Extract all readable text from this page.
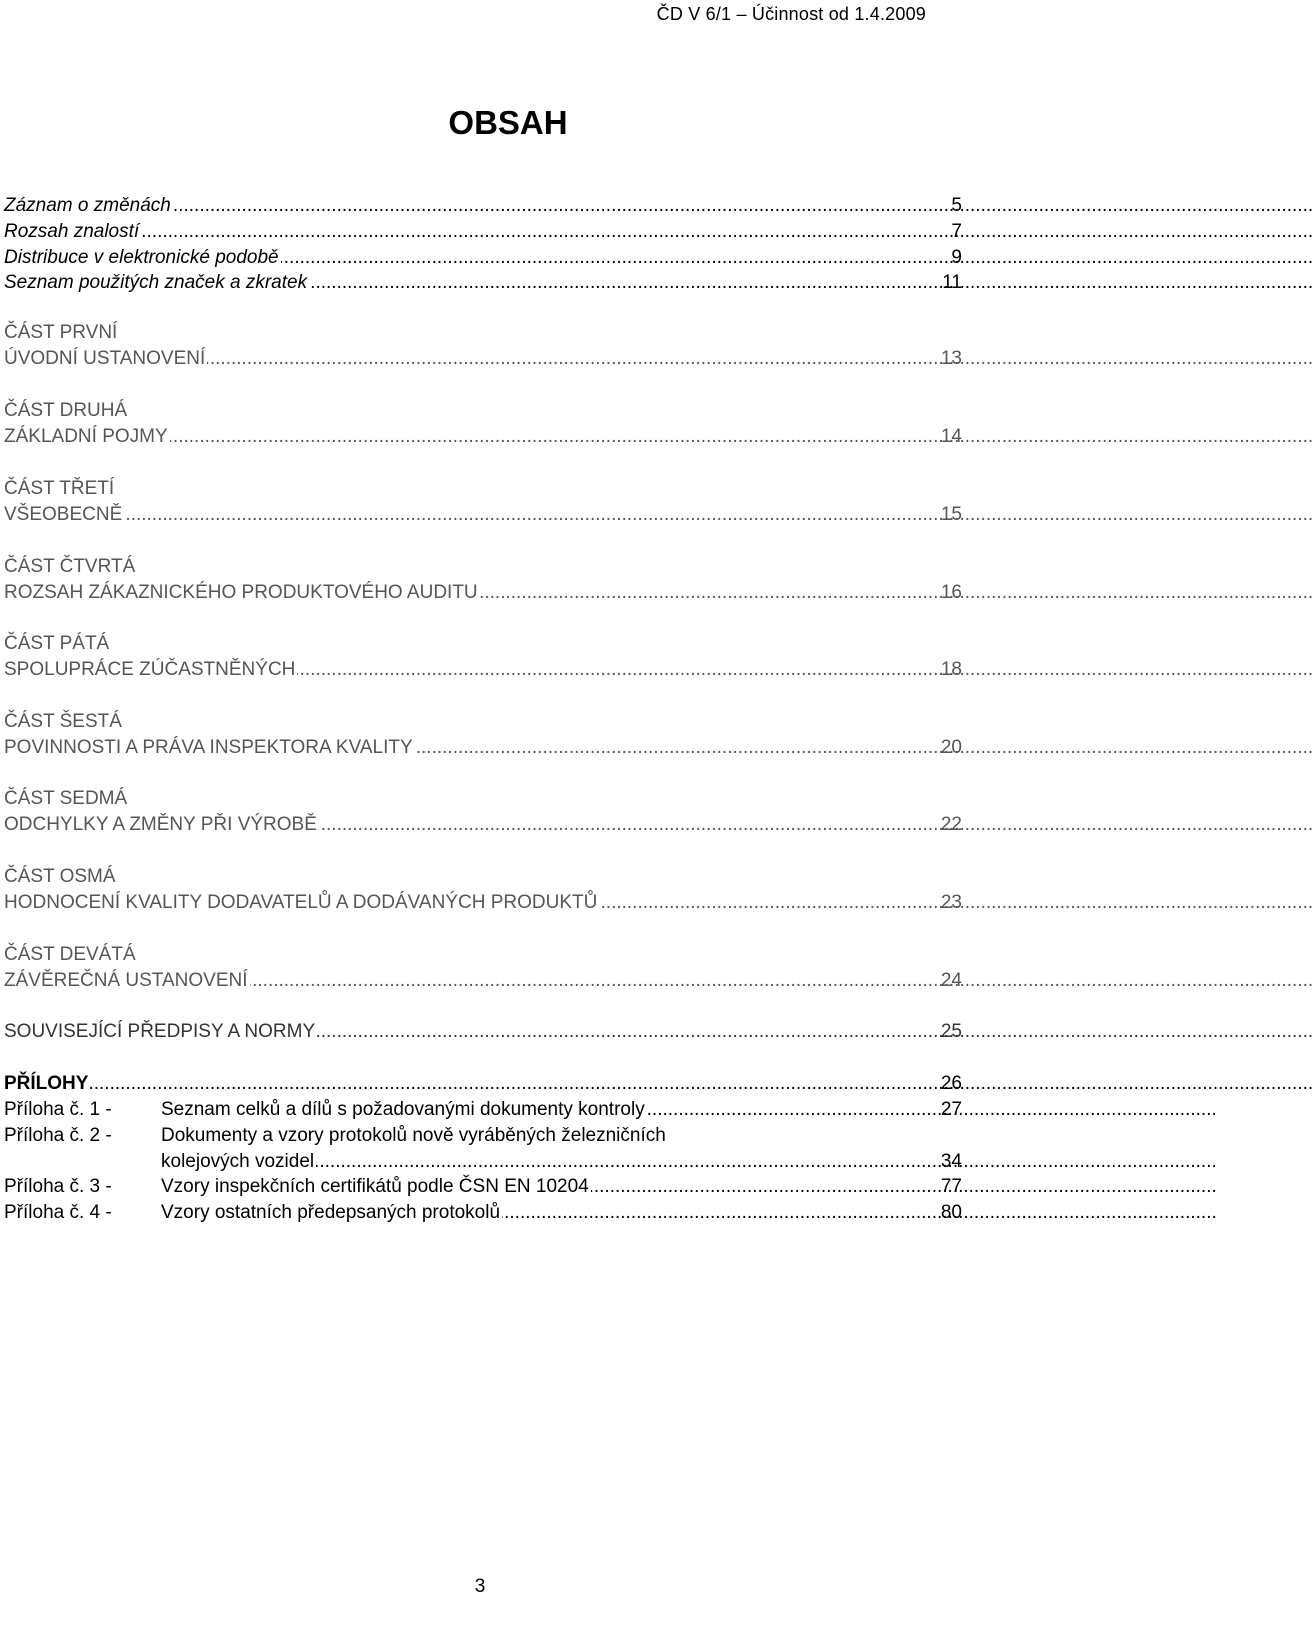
ČD V 6/1 – Účinnost od 1.4.2009
OBSAH
.....
Záznam o změnách	5
.....
Rozsah znalostí	7
.....
Distribuce v elektronické podobě	9
.....
Seznam použitých značek a zkratek	11
ČÁST PRVNÍ
.....
ÚVODNÍ USTANOVENÍ	13
ČÁST DRUHÁ
.....
ZÁKLADNÍ POJMY	14
ČÁST TŘETÍ
.....
VŠEOBECNĚ	15
ČÁST ČTVRTÁ
.....
ROZSAH ZÁKAZNICKÉHO PRODUKTOVÉHO AUDITU	16
ČÁST PÁTÁ
.....
SPOLUPRÁCE ZÚČASTNĚNÝCH	18
ČÁST ŠESTÁ
.....
POVINNOSTI A PRÁVA INSPEKTORA KVALITY	20
ČÁST SEDMÁ
.....
ODCHYLKY A ZMĚNY PŘI VÝROBĚ	22
ČÁST OSMÁ
.....
HODNOCENÍ KVALITY DODAVATELŮ A DODÁVANÝCH PRODUKTŮ	23
ČÁST DEVÁTÁ
.....
ZÁVĚREČNÁ USTANOVENÍ	24
.....
SOUVISEJÍCÍ PŘEDPISY A NORMY	25
.....
PŘÍLOHY	26
Příloha č. 1 - .....	Seznam celků a dílů s požadovanými dokumenty kontroly	27
Příloha č. 2 -	Dokumenty a vzory protokolů nově vyráběných železničních
.....
kolejových vozidel	34
Příloha č. 3 - .....	Vzory inspekčních certifikátů podle ČSN EN 10204	77
Příloha č. 4 - .....	Vzory ostatních předepsaných protokolů	80
3
